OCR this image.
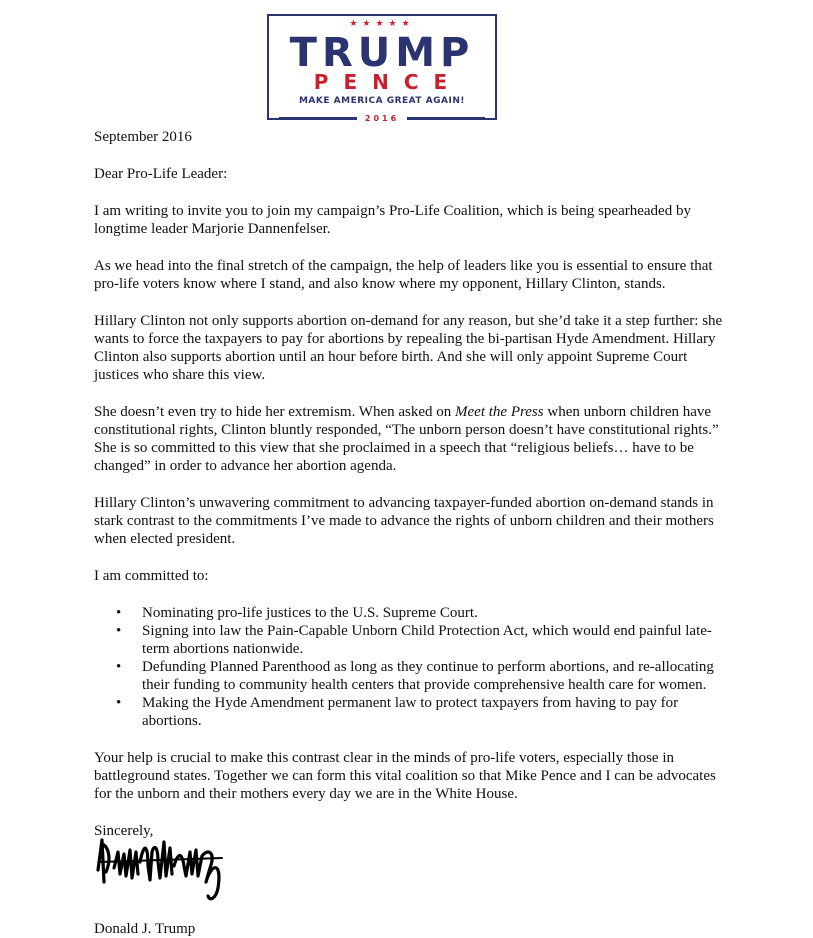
★★★★★
TRUMP
PENCE
MAKE AMERICA GREAT AGAIN!
2016

September 2016

Dear Pro-Life Leader:

I am writing to invite you to join my campaign’s Pro-Life Coalition, which is being spearheaded by longtime leader Marjorie Dannenfelser.

As we head into the final stretch of the campaign, the help of leaders like you is essential to ensure that pro-life voters know where I stand, and also know where my opponent, Hillary Clinton, stands.

Hillary Clinton not only supports abortion on-demand for any reason, but she’d take it a step further: she wants to force the taxpayers to pay for abortions by repealing the bi-partisan Hyde Amendment. Hillary Clinton also supports abortion until an hour before birth. And she will only appoint Supreme Court justices who share this view.

She doesn’t even try to hide her extremism. When asked on Meet the Press when unborn children have constitutional rights, Clinton bluntly responded, “The unborn person doesn’t have constitutional rights.” She is so committed to this view that she proclaimed in a speech that “religious beliefs… have to be changed” in order to advance her abortion agenda.

Hillary Clinton’s unwavering commitment to advancing taxpayer-funded abortion on-demand stands in stark contrast to the commitments I’ve made to advance the rights of unborn children and their mothers when elected president.

I am committed to:

• Nominating pro-life justices to the U.S. Supreme Court.
• Signing into law the Pain-Capable Unborn Child Protection Act, which would end painful late-term abortions nationwide.
• Defunding Planned Parenthood as long as they continue to perform abortions, and re-allocating their funding to community health centers that provide comprehensive health care for women.
• Making the Hyde Amendment permanent law to protect taxpayers from having to pay for abortions.

Your help is crucial to make this contrast clear in the minds of pro-life voters, especially those in battleground states. Together we can form this vital coalition so that Mike Pence and I can be advocates for the unborn and their mothers every day we are in the White House.

Sincerely,

Donald J. Trump
